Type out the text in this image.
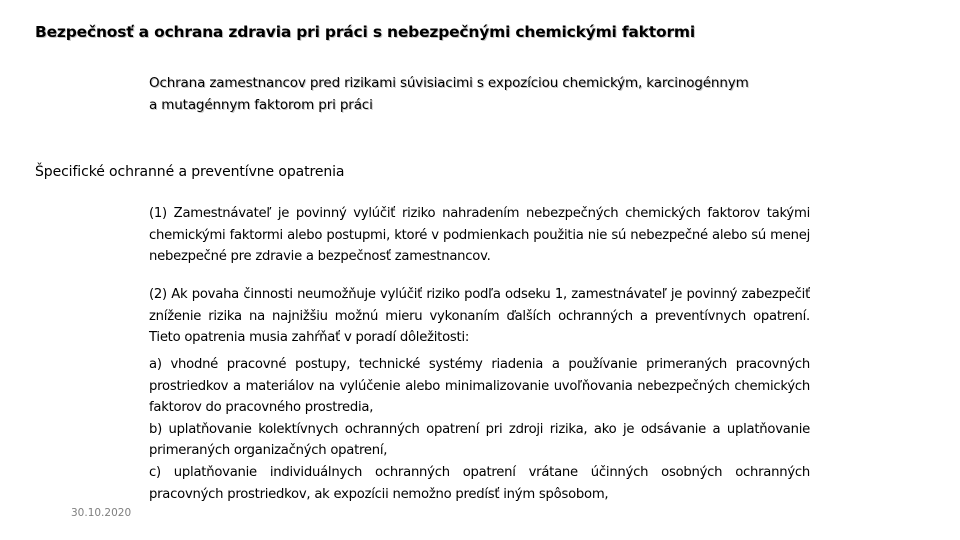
Bezpečnosť a ochrana zdravia pri práci s nebezpečnými chemickými faktormi
Ochrana zamestnancov pred rizikami súvisiacimi s expozíciou chemickým, karcinogénnym a mutagénnym faktorom pri práci
Špecifické ochranné a preventívne opatrenia
(1) Zamestnávateľ je povinný vylúčiť riziko nahradením nebezpečných chemických faktorov takými chemickými faktormi alebo postupmi, ktoré v podmienkach použitia nie sú nebezpečné alebo sú menej nebezpečné pre zdravie a bezpečnosť zamestnancov.
(2) Ak povaha činnosti neumožňuje vylúčiť riziko podľa odseku 1, zamestnávateľ je povinný zabezpečiť zníženie rizika na najnižšiu možnú mieru vykonaním ďalších ochranných a preventívnych opatrení. Tieto opatrenia musia zahŕňať v poradí dôležitosti:
a) vhodné pracovné postupy, technické systémy riadenia a používanie primeraných pracovných prostriedkov a materiálov na vylúčenie alebo minimalizovanie uvoľňovania nebezpečných chemických faktorov do pracovného prostredia,
b) uplatňovanie kolektívnych ochranných opatrení pri zdroji rizika, ako je odsávanie a uplatňovanie primeraných organizačných opatrení,
c) uplatňovanie individuálnych ochranných opatrení vrátane účinných osobných ochranných pracovných prostriedkov, ak expozícii nemožno predísť iným spôsobom,
30.10.2020
